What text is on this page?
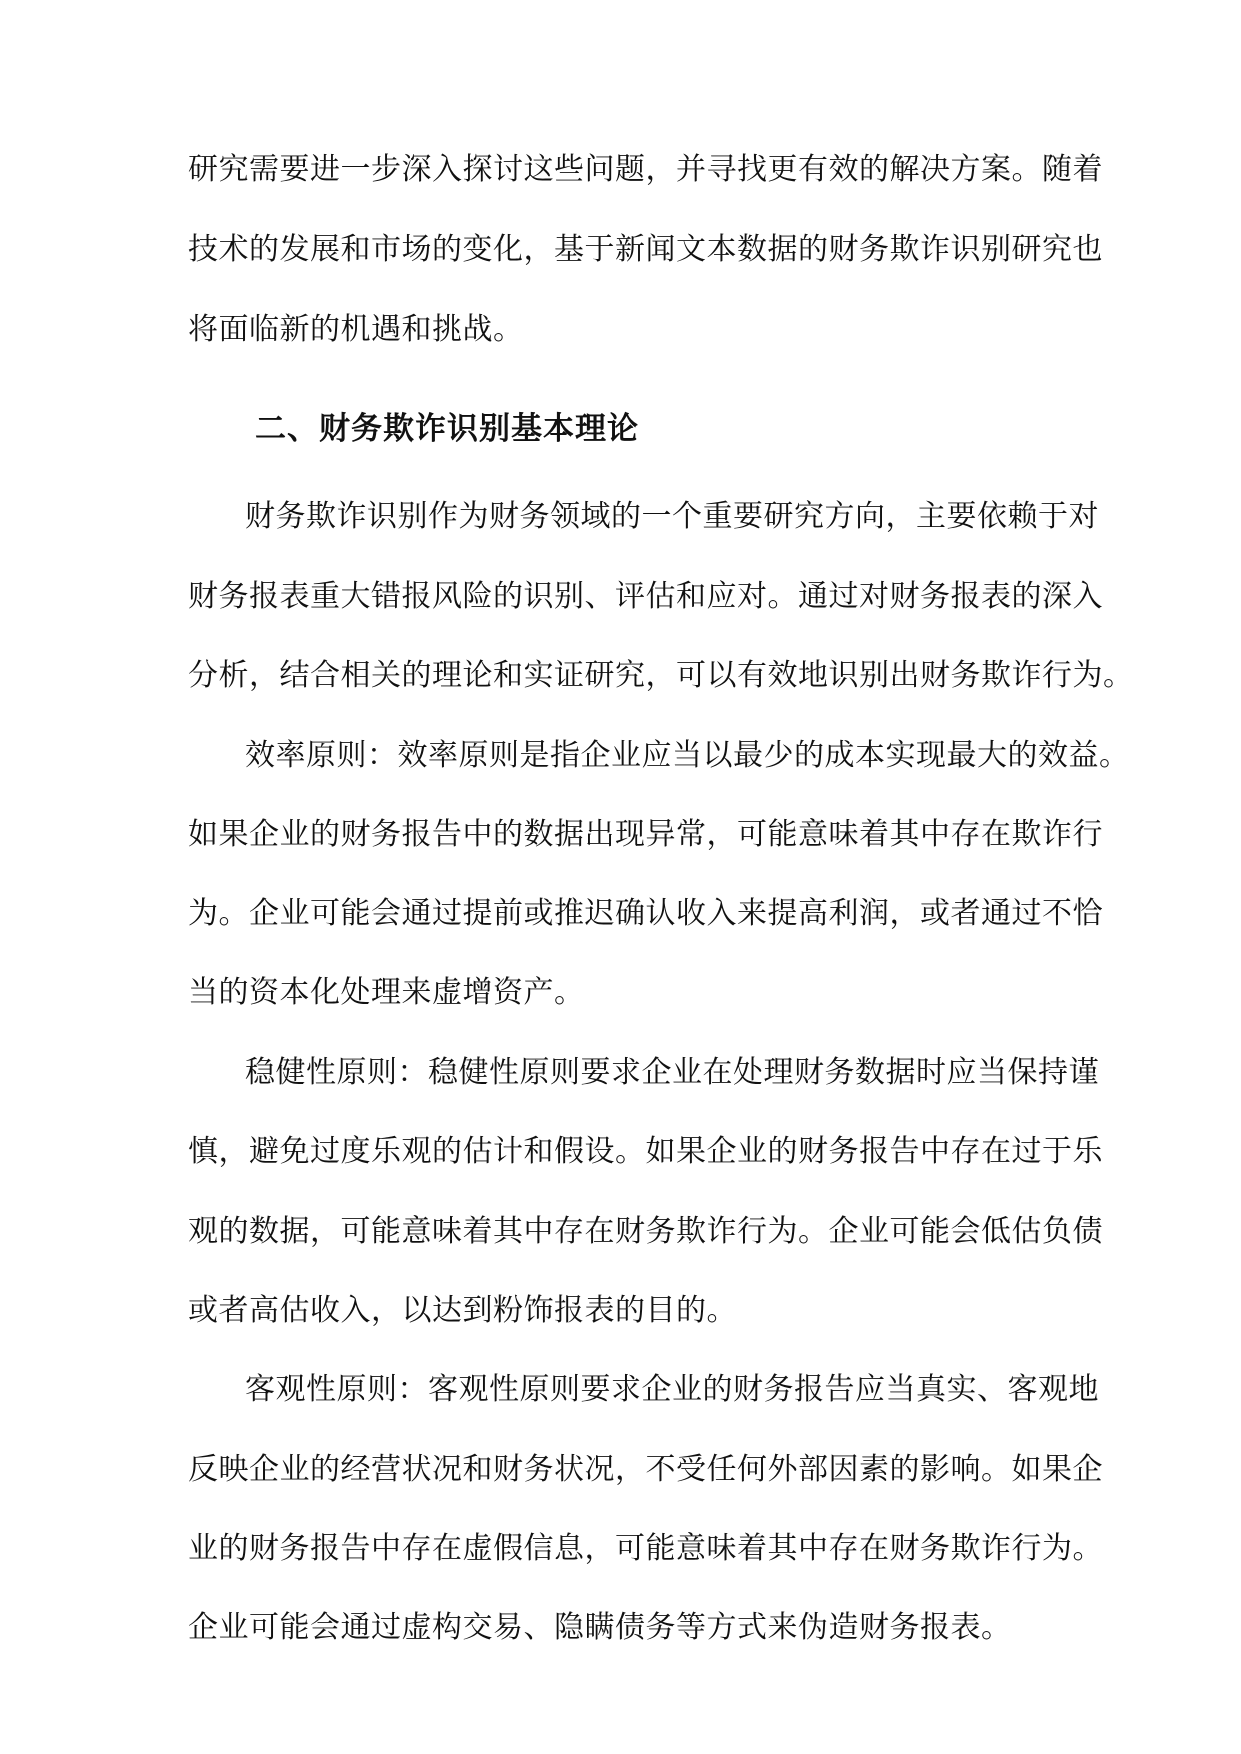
研究需要进一步深入探讨这些问题，并寻找更有效的解决方案。随着
技术的发展和市场的变化，基于新闻文本数据的财务欺诈识别研究也
将面临新的机遇和挑战。
二、财务欺诈识别基本理论
财务欺诈识别作为财务领域的一个重要研究方向，主要依赖于对
财务报表重大错报风险的识别、评估和应对。通过对财务报表的深入
分析，结合相关的理论和实证研究，可以有效地识别出财务欺诈行为。
效率原则：效率原则是指企业应当以最少的成本实现最大的效益。
如果企业的财务报告中的数据出现异常，可能意味着其中存在欺诈行
为。企业可能会通过提前或推迟确认收入来提高利润，或者通过不恰
当的资本化处理来虚增资产。
稳健性原则：稳健性原则要求企业在处理财务数据时应当保持谨
慎，避免过度乐观的估计和假设。如果企业的财务报告中存在过于乐
观的数据，可能意味着其中存在财务欺诈行为。企业可能会低估负债
或者高估收入，以达到粉饰报表的目的。
客观性原则：客观性原则要求企业的财务报告应当真实、客观地
反映企业的经营状况和财务状况，不受任何外部因素的影响。如果企
业的财务报告中存在虚假信息，可能意味着其中存在财务欺诈行为。
企业可能会通过虚构交易、隐瞒债务等方式来伪造财务报表。
